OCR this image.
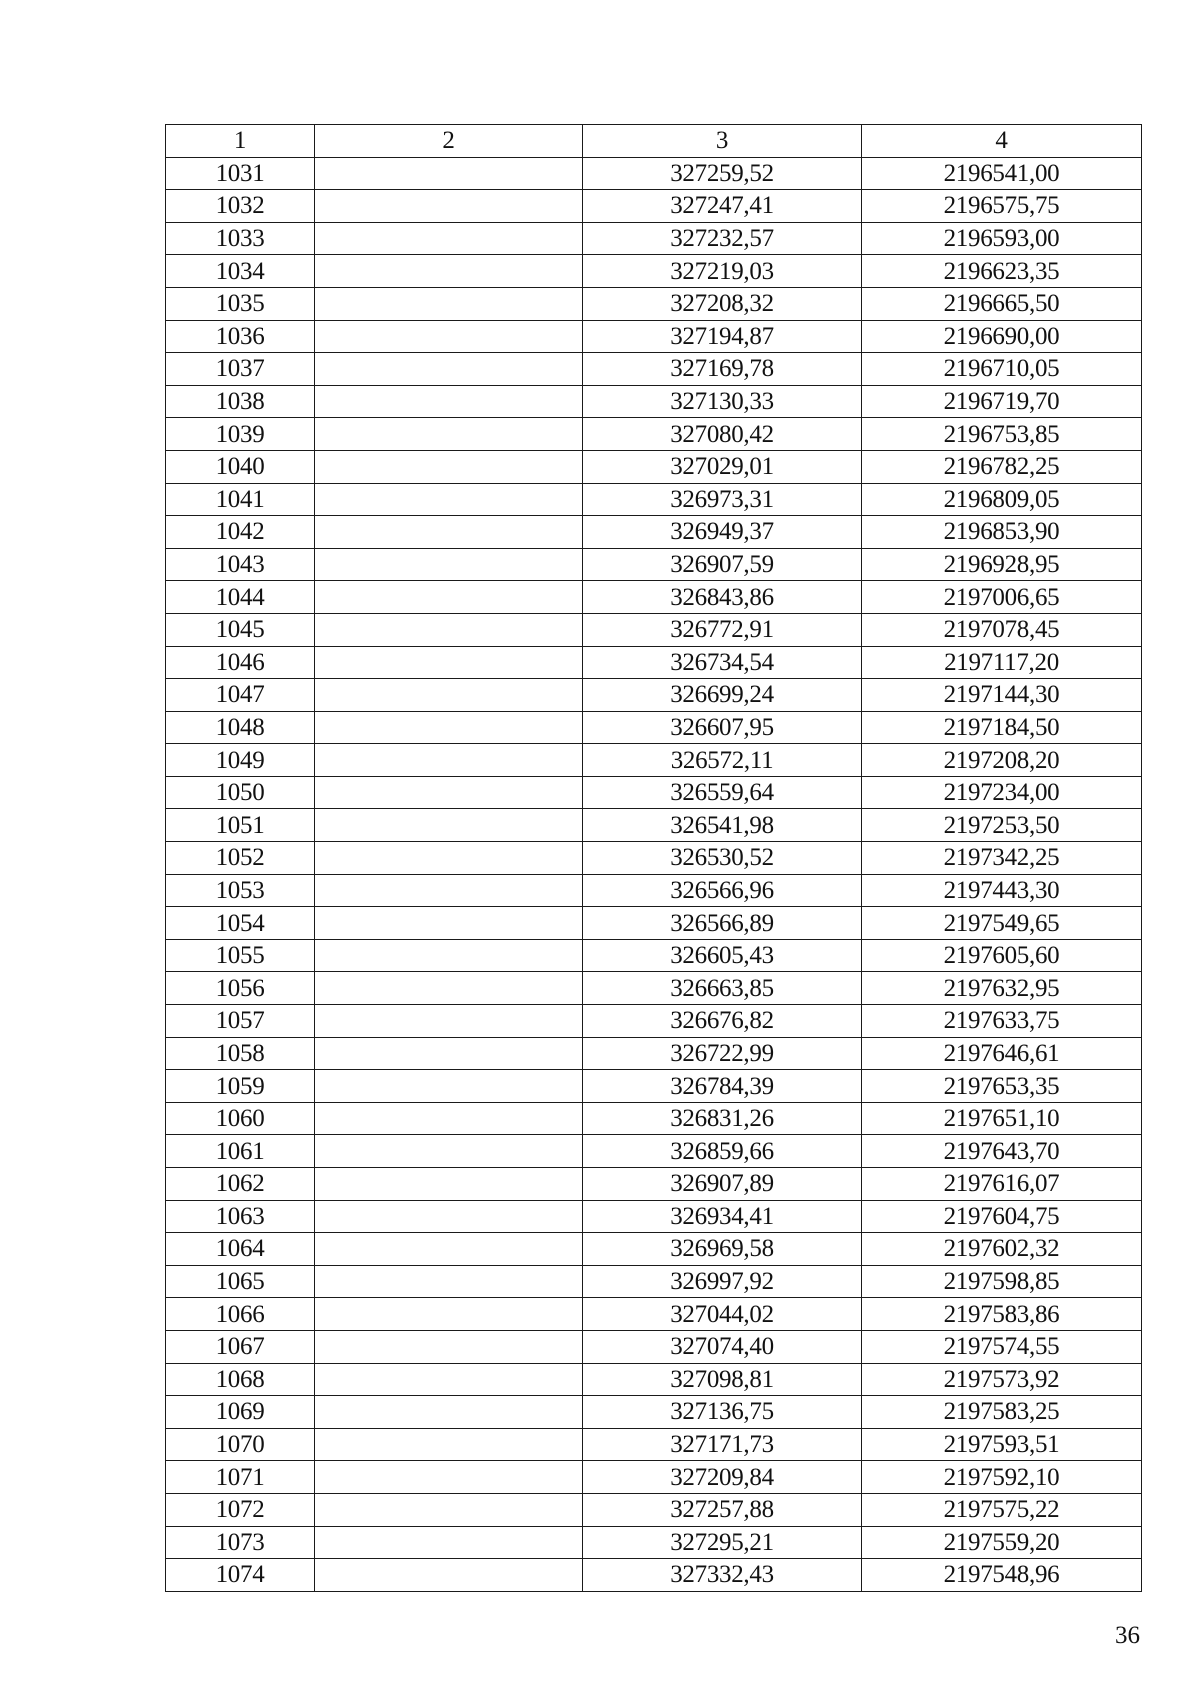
1	2	3	4
1031		327259,52	2196541,00
1032		327247,41	2196575,75
1033		327232,57	2196593,00
1034		327219,03	2196623,35
1035		327208,32	2196665,50
1036		327194,87	2196690,00
1037		327169,78	2196710,05
1038		327130,33	2196719,70
1039		327080,42	2196753,85
1040		327029,01	2196782,25
1041		326973,31	2196809,05
1042		326949,37	2196853,90
1043		326907,59	2196928,95
1044		326843,86	2197006,65
1045		326772,91	2197078,45
1046		326734,54	2197117,20
1047		326699,24	2197144,30
1048		326607,95	2197184,50
1049		326572,11	2197208,20
1050		326559,64	2197234,00
1051		326541,98	2197253,50
1052		326530,52	2197342,25
1053		326566,96	2197443,30
1054		326566,89	2197549,65
1055		326605,43	2197605,60
1056		326663,85	2197632,95
1057		326676,82	2197633,75
1058		326722,99	2197646,61
1059		326784,39	2197653,35
1060		326831,26	2197651,10
1061		326859,66	2197643,70
1062		326907,89	2197616,07
1063		326934,41	2197604,75
1064		326969,58	2197602,32
1065		326997,92	2197598,85
1066		327044,02	2197583,86
1067		327074,40	2197574,55
1068		327098,81	2197573,92
1069		327136,75	2197583,25
1070		327171,73	2197593,51
1071		327209,84	2197592,10
1072		327257,88	2197575,22
1073		327295,21	2197559,20
1074		327332,43	2197548,96
36
